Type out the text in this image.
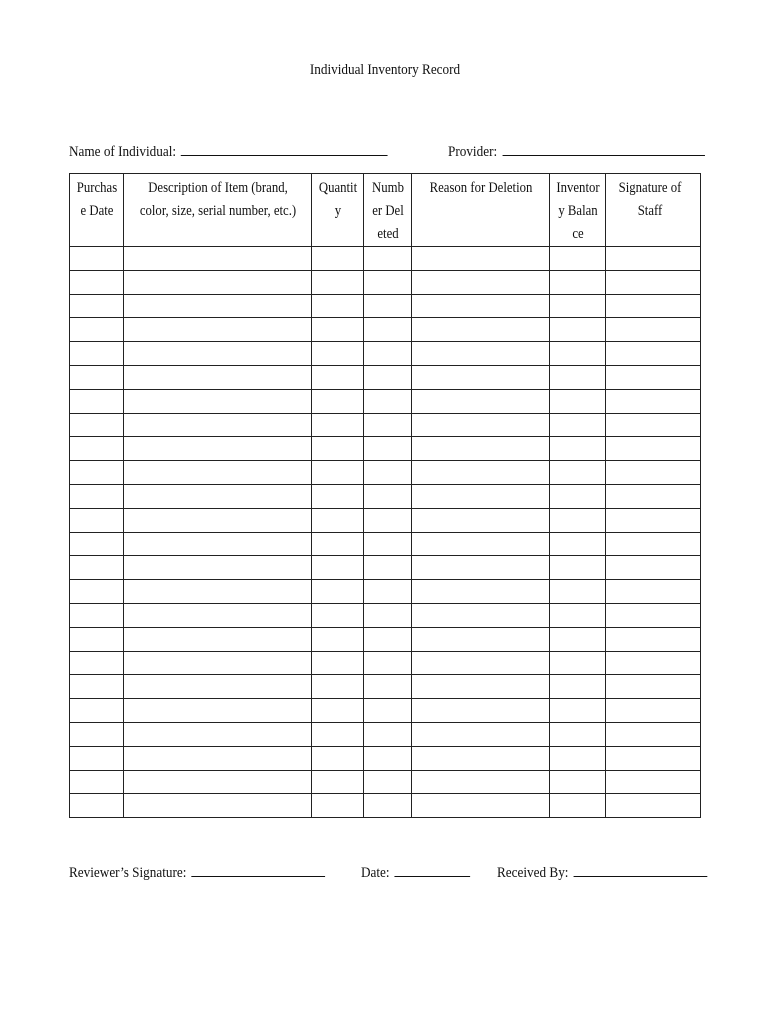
Individual Inventory Record
Name of Individual:	Provider:
Purchase Date	Description of Item (brand, color, size, serial number, etc.)	Quantity	Number Deleted	Reason for Deletion	Inventory Balance	Signature of Staff

Reviewer’s Signature:	Date:	Received By:
